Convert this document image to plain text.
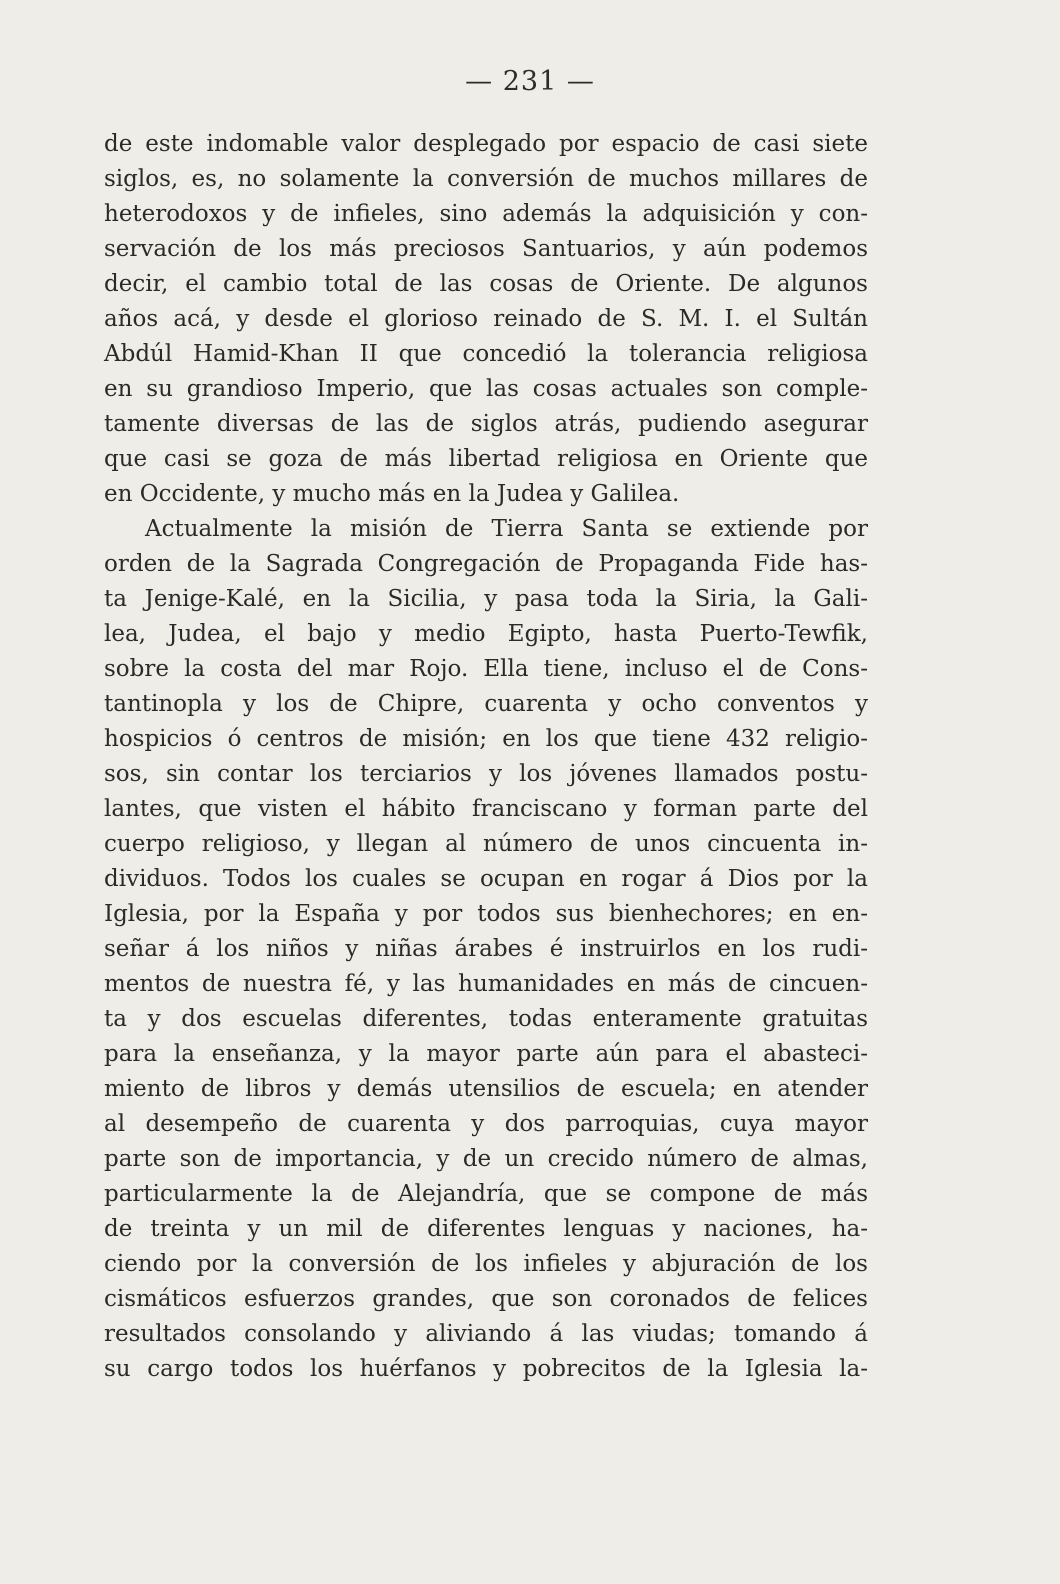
— 231 —
de este indomable valor desplegado por espacio de casi siete
siglos, es, no solamente la conversión de muchos millares de
heterodoxos y de infieles, sino además la adquisición y con-
servación de los más preciosos Santuarios, y aún podemos
decir, el cambio total de las cosas de Oriente. De algunos
años acá, y desde el glorioso reinado de S. M. I. el Sultán
Abdúl Hamid-Khan II que concedió la tolerancia religiosa
en su grandioso Imperio, que las cosas actuales son comple-
tamente diversas de las de siglos atrás, pudiendo asegurar
que casi se goza de más libertad religiosa en Oriente que
en Occidente, y mucho más en la Judea y Galilea.
Actualmente la misión de Tierra Santa se extiende por
orden de la Sagrada Congregación de Propaganda Fide has-
ta Jenige-Kalé, en la Sicilia, y pasa toda la Siria, la Gali-
lea, Judea, el bajo y medio Egipto, hasta Puerto-Tewfik,
sobre la costa del mar Rojo. Ella tiene, incluso el de Cons-
tantinopla y los de Chipre, cuarenta y ocho conventos y
hospicios ó centros de misión; en los que tiene 432 religio-
sos, sin contar los terciarios y los jóvenes llamados postu-
lantes, que visten el hábito franciscano y forman parte del
cuerpo religioso, y llegan al número de unos cincuenta in-
dividuos. Todos los cuales se ocupan en rogar á Dios por la
Iglesia, por la España y por todos sus bienhechores; en en-
señar á los niños y niñas árabes é instruirlos en los rudi-
mentos de nuestra fé, y las humanidades en más de cincuen-
ta y dos escuelas diferentes, todas enteramente gratuitas
para la enseñanza, y la mayor parte aún para el abasteci-
miento de libros y demás utensilios de escuela; en atender
al desempeño de cuarenta y dos parroquias, cuya mayor
parte son de importancia, y de un crecido número de almas,
particularmente la de Alejandría, que se compone de más
de treinta y un mil de diferentes lenguas y naciones, ha-
ciendo por la conversión de los infieles y abjuración de los
cismáticos esfuerzos grandes, que son coronados de felices
resultados consolando y aliviando á las viudas; tomando á
su cargo todos los huérfanos y pobrecitos de la Iglesia la-
